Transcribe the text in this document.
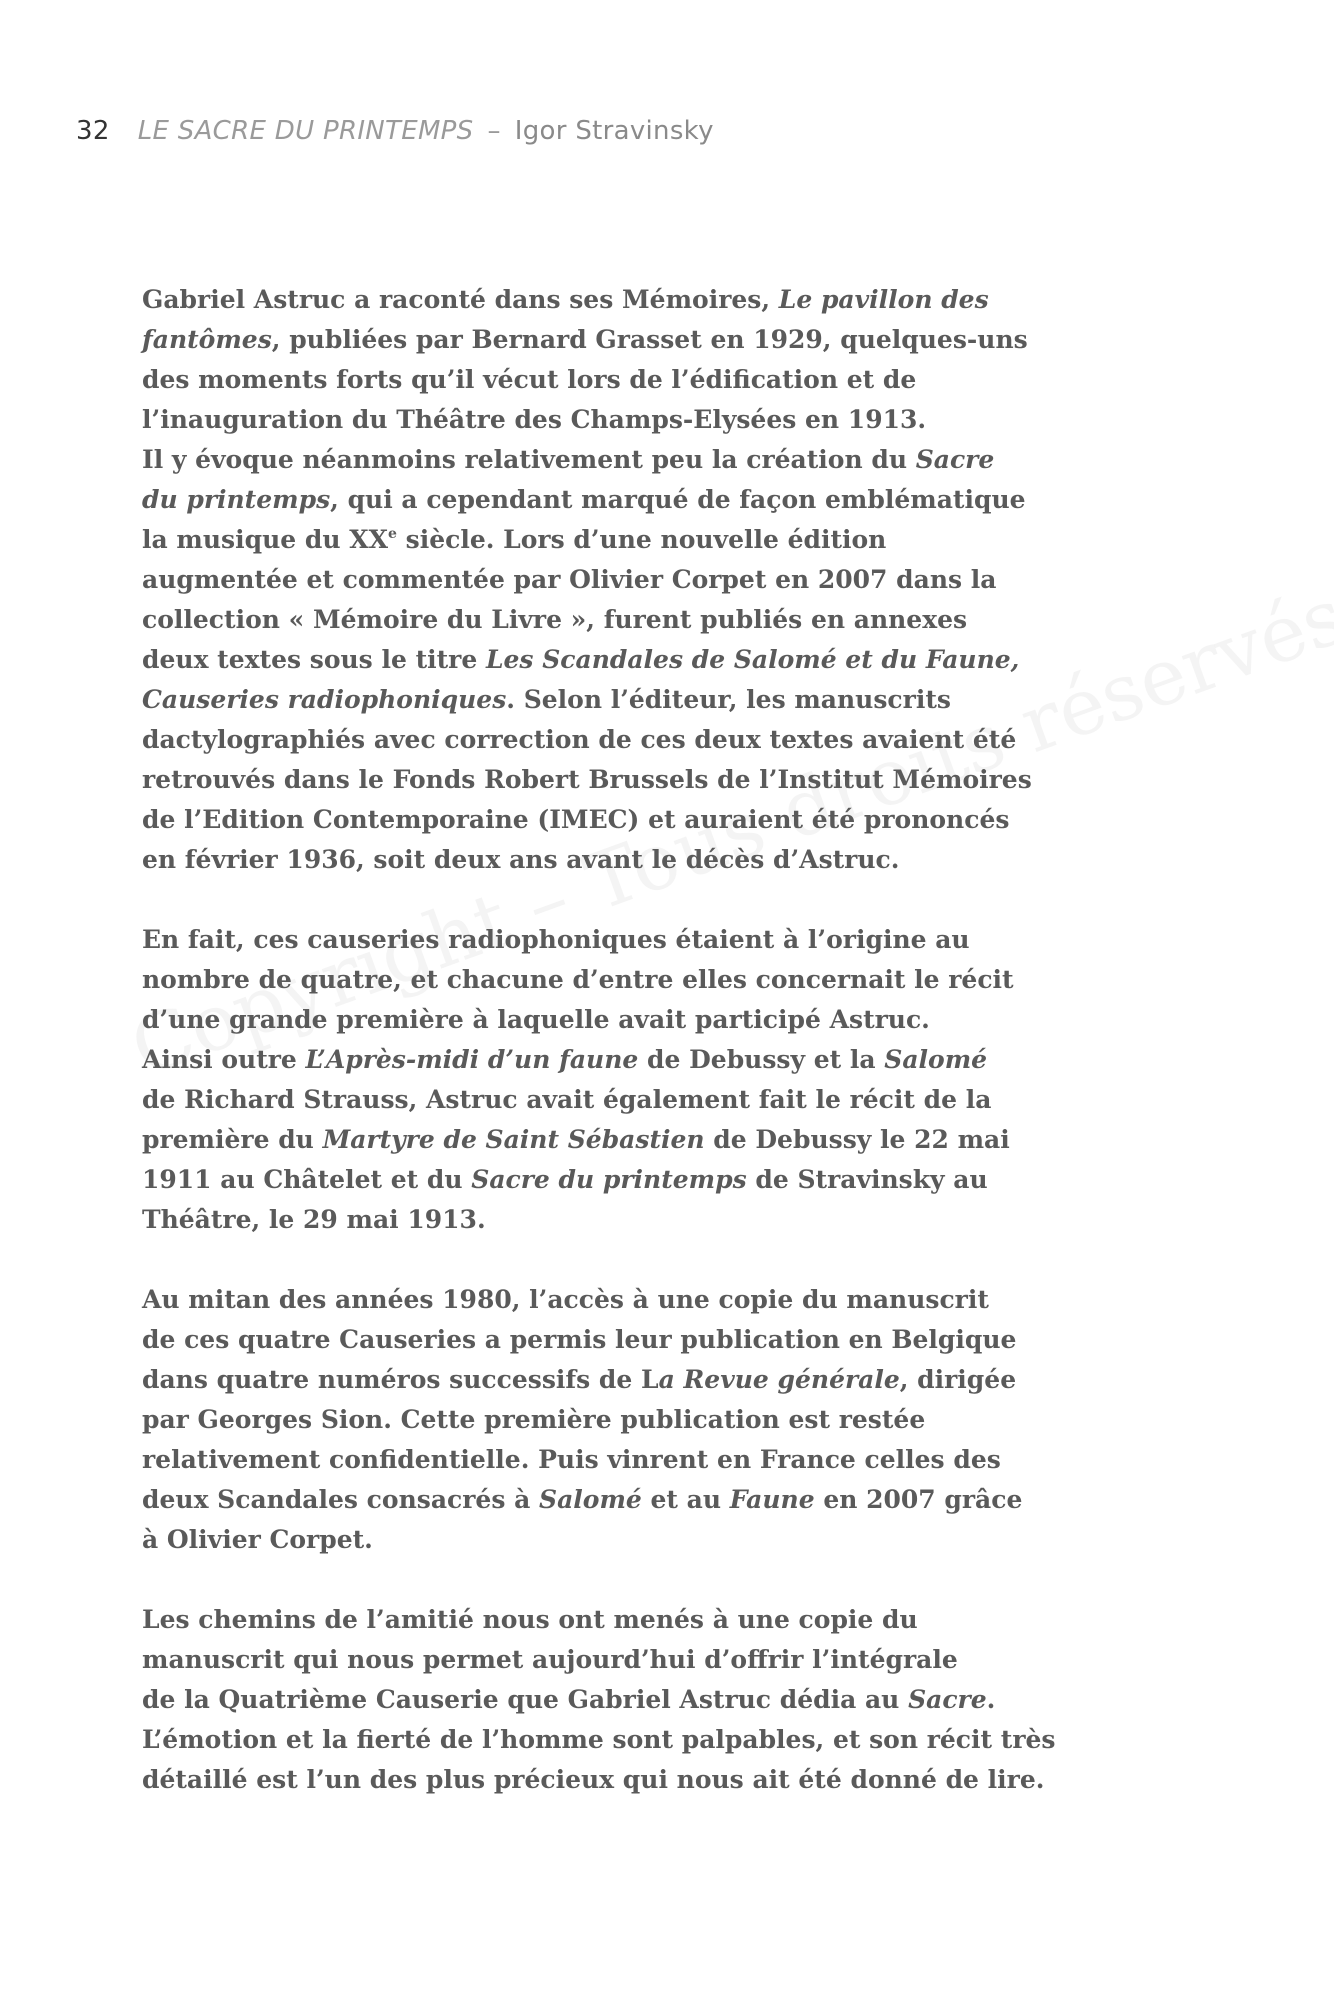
32 LE SACRE DU PRINTEMPS – Igor Stravinsky
Gabriel Astruc a raconté dans ses Mémoires, Le pavillon des
fantômes, publiées par Bernard Grasset en 1929, quelques-uns
des moments forts qu’il vécut lors de l’édification et de
l’inauguration du Théâtre des Champs-Elysées en 1913.
Il y évoque néanmoins relativement peu la création du Sacre
du printemps, qui a cependant marqué de façon emblématique
la musique du XXe siècle. Lors d’une nouvelle édition
augmentée et commentée par Olivier Corpet en 2007 dans la
collection « Mémoire du Livre », furent publiés en annexes
deux textes sous le titre Les Scandales de Salomé et du Faune,
Causeries radiophoniques. Selon l’éditeur, les manuscrits
dactylographiés avec correction de ces deux textes avaient été
retrouvés dans le Fonds Robert Brussels de l’Institut Mémoires
de l’Edition Contemporaine (IMEC) et auraient été prononcés
en février 1936, soit deux ans avant le décès d’Astruc.
En fait, ces causeries radiophoniques étaient à l’origine au
nombre de quatre, et chacune d’entre elles concernait le récit
d’une grande première à laquelle avait participé Astruc.
Ainsi outre L’Après-midi d’un faune de Debussy et la Salomé
de Richard Strauss, Astruc avait également fait le récit de la
première du Martyre de Saint Sébastien de Debussy le 22 mai
1911 au Châtelet et du Sacre du printemps de Stravinsky au
Théâtre, le 29 mai 1913.
Au mitan des années 1980, l’accès à une copie du manuscrit
de ces quatre Causeries a permis leur publication en Belgique
dans quatre numéros successifs de La Revue générale, dirigée
par Georges Sion. Cette première publication est restée
relativement confidentielle. Puis vinrent en France celles des
deux Scandales consacrés à Salomé et au Faune en 2007 grâce
à Olivier Corpet.
Les chemins de l’amitié nous ont menés à une copie du
manuscrit qui nous permet aujourd’hui d’offrir l’intégrale
de la Quatrième Causerie que Gabriel Astruc dédia au Sacre.
L’émotion et la fierté de l’homme sont palpables, et son récit très
détaillé est l’un des plus précieux qui nous ait été donné de lire.
